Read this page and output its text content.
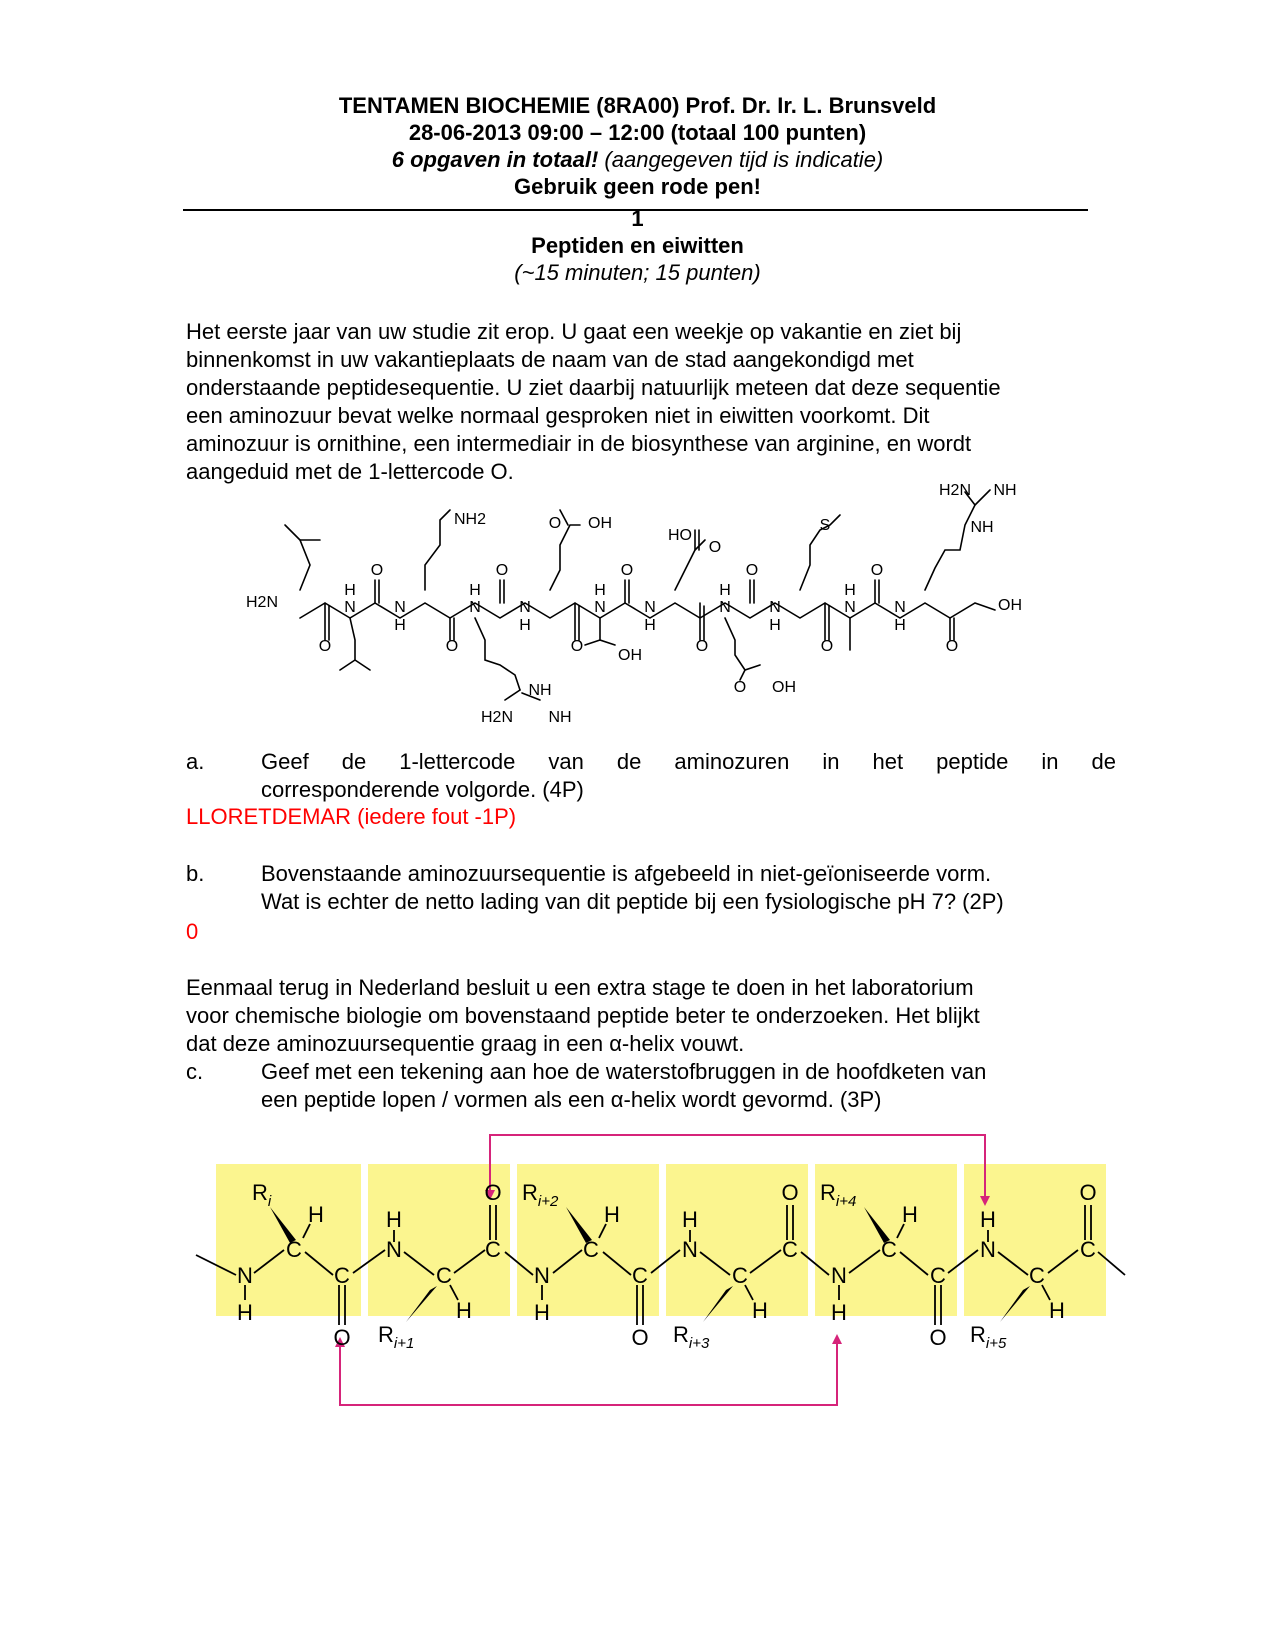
TENTAMEN BIOCHEMIE (8RA00) Prof. Dr. Ir. L. Brunsveld
28-06-2013 09:00 – 12:00 (totaal 100 punten)
6 opgaven in totaal! (aangegeven tijd is indicatie)
Gebruik geen rode pen!
1
Peptiden en eiwitten
(~15 minuten; 15 punten)
Het eerste jaar van uw studie zit erop. U gaat een weekje op vakantie en ziet bij
binnenkomst in uw vakantieplaats de naam van de stad aangekondigd met
onderstaande peptidesequentie. U ziet daarbij natuurlijk meteen dat deze sequentie
een aminozuur bevat welke normaal gesproken niet in eiwitten voorkomt. Dit
aminozuur is ornithine, een intermediair in de biosynthese van arginine, en wordt
aangeduid met de 1-lettercode O.
H2N
O
H
N
O
N
H
NH2
O
H
N
O
N
H
NH
H2N NH
O OH
O
H
N
OH
O
HO
O
N
H
O
H
N
O OH
O
N
H
S
O
H
N
O
N
H
H2N NH
NH
O
OH
a.	Geef de 1-lettercode van de aminozuren in het peptide in de
corresponderende volgorde. (4P)
LLORETDEMAR (iedere fout -1P)
b.	Bovenstaande aminozuursequentie is afgebeeld in niet-geïoniseerde vorm.
Wat is echter de netto lading van dit peptide bij een fysiologische pH 7? (2P)
0
Eenmaal terug in Nederland besluit u een extra stage te doen in het laboratorium
voor chemische biologie om bovenstaand peptide beter te onderzoeken. Het blijkt
dat deze aminozuursequentie graag in een α-helix vouwt.
c.	Geef met een tekening aan hoe de waterstofbruggen in de hoofdketen van
een peptide lopen / vormen als een α-helix wordt gevormd. (3P)
C
H
N
H
C
O
H
N
C
H
C
O
N
H
C
H
C
O
H
N
C
H
C
O
N
H
C
H
C
O
H
N
C
H
C
O
$R_i$
$R_{i+1}$
$R_{i+2}$
$R_{i+3}$
$R_{i+4}$
$R_{i+5}$
